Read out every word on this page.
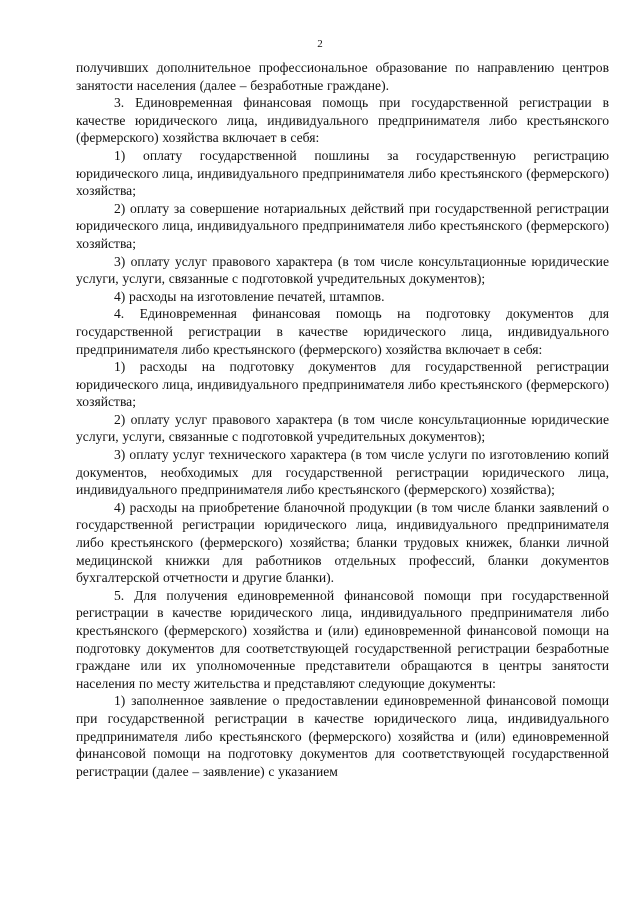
2

получивших дополнительное профессиональное образование по направлению центров занятости населения (далее – безработные граждане).

3. Единовременная финансовая помощь при государственной регистрации в качестве юридического лица, индивидуального предпринимателя либо крестьянского (фермерского) хозяйства включает в себя:

1) оплату государственной пошлины за государственную регистрацию юридического лица, индивидуального предпринимателя либо крестьянского (фермерского) хозяйства;

2) оплату за совершение нотариальных действий при государственной регистрации юридического лица, индивидуального предпринимателя либо крестьянского (фермерского) хозяйства;

3) оплату услуг правового характера (в том числе консультационные юридические услуги, услуги, связанные с подготовкой учредительных документов);

4) расходы на изготовление печатей, штампов.

4. Единовременная финансовая помощь на подготовку документов для государственной регистрации в качестве юридического лица, индивидуального предпринимателя либо крестьянского (фермерского) хозяйства включает в себя:

1) расходы на подготовку документов для государственной регистрации юридического лица, индивидуального предпринимателя либо крестьянского (фермерского) хозяйства;

2) оплату услуг правового характера (в том числе консультационные юридические услуги, услуги, связанные с подготовкой учредительных документов);

3) оплату услуг технического характера (в том числе услуги по изготовлению копий документов, необходимых для государственной регистрации юридического лица, индивидуального предпринимателя либо крестьянского (фермерского) хозяйства);

4) расходы на приобретение бланочной продукции (в том числе бланки заявлений о государственной регистрации юридического лица, индивидуального предпринимателя либо крестьянского (фермерского) хозяйства; бланки трудовых книжек, бланки личной медицинской книжки для работников отдельных профессий, бланки документов бухгалтерской отчетности и другие бланки).

5. Для получения единовременной финансовой помощи при государственной регистрации в качестве юридического лица, индивидуального предпринимателя либо крестьянского (фермерского) хозяйства и (или) единовременной финансовой помощи на подготовку документов для соответствующей государственной регистрации безработные граждане или их уполномоченные представители обращаются в центры занятости населения по месту жительства и представляют следующие документы:

1) заполненное заявление о предоставлении единовременной финансовой помощи при государственной регистрации в качестве юридического лица, индивидуального предпринимателя либо крестьянского (фермерского) хозяйства и (или) единовременной финансовой помощи на подготовку документов для соответствующей государственной регистрации (далее – заявление) с указанием
